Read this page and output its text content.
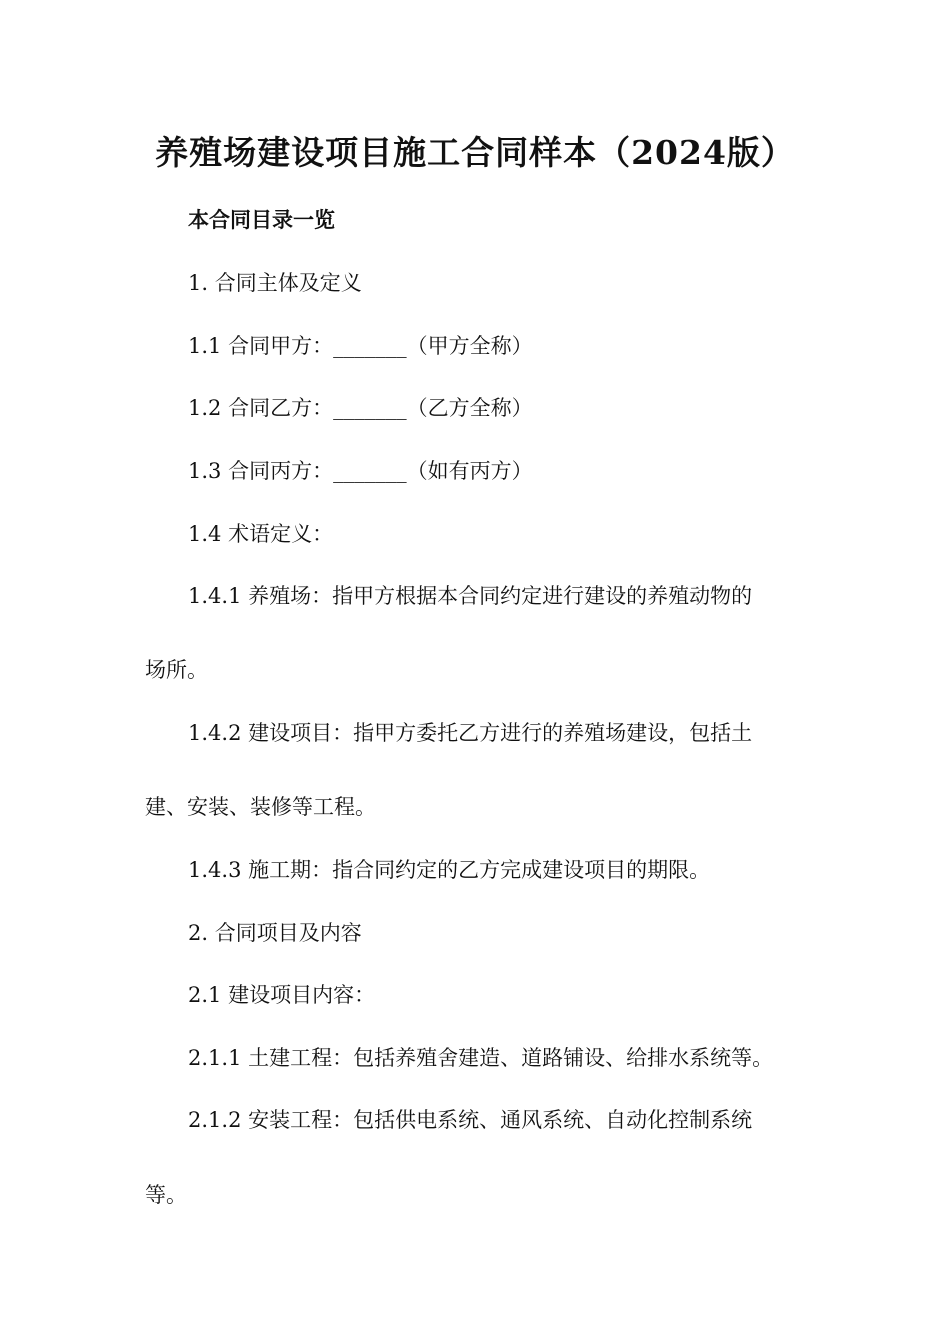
养殖场建设项目施工合同样本（2024版）

本合同目录一览

1. 合同主体及定义

1.1 合同甲方：_______（甲方全称）

1.2 合同乙方：_______（乙方全称）

1.3 合同丙方：_______（如有丙方）

1.4 术语定义：

1.4.1 养殖场：指甲方根据本合同约定进行建设的养殖动物的

场所。

1.4.2 建设项目：指甲方委托乙方进行的养殖场建设，包括土

建、安装、装修等工程。

1.4.3 施工期：指合同约定的乙方完成建设项目的期限。

2. 合同项目及内容

2.1 建设项目内容：

2.1.1 土建工程：包括养殖舍建造、道路铺设、给排水系统等。

2.1.2 安装工程：包括供电系统、通风系统、自动化控制系统

等。
